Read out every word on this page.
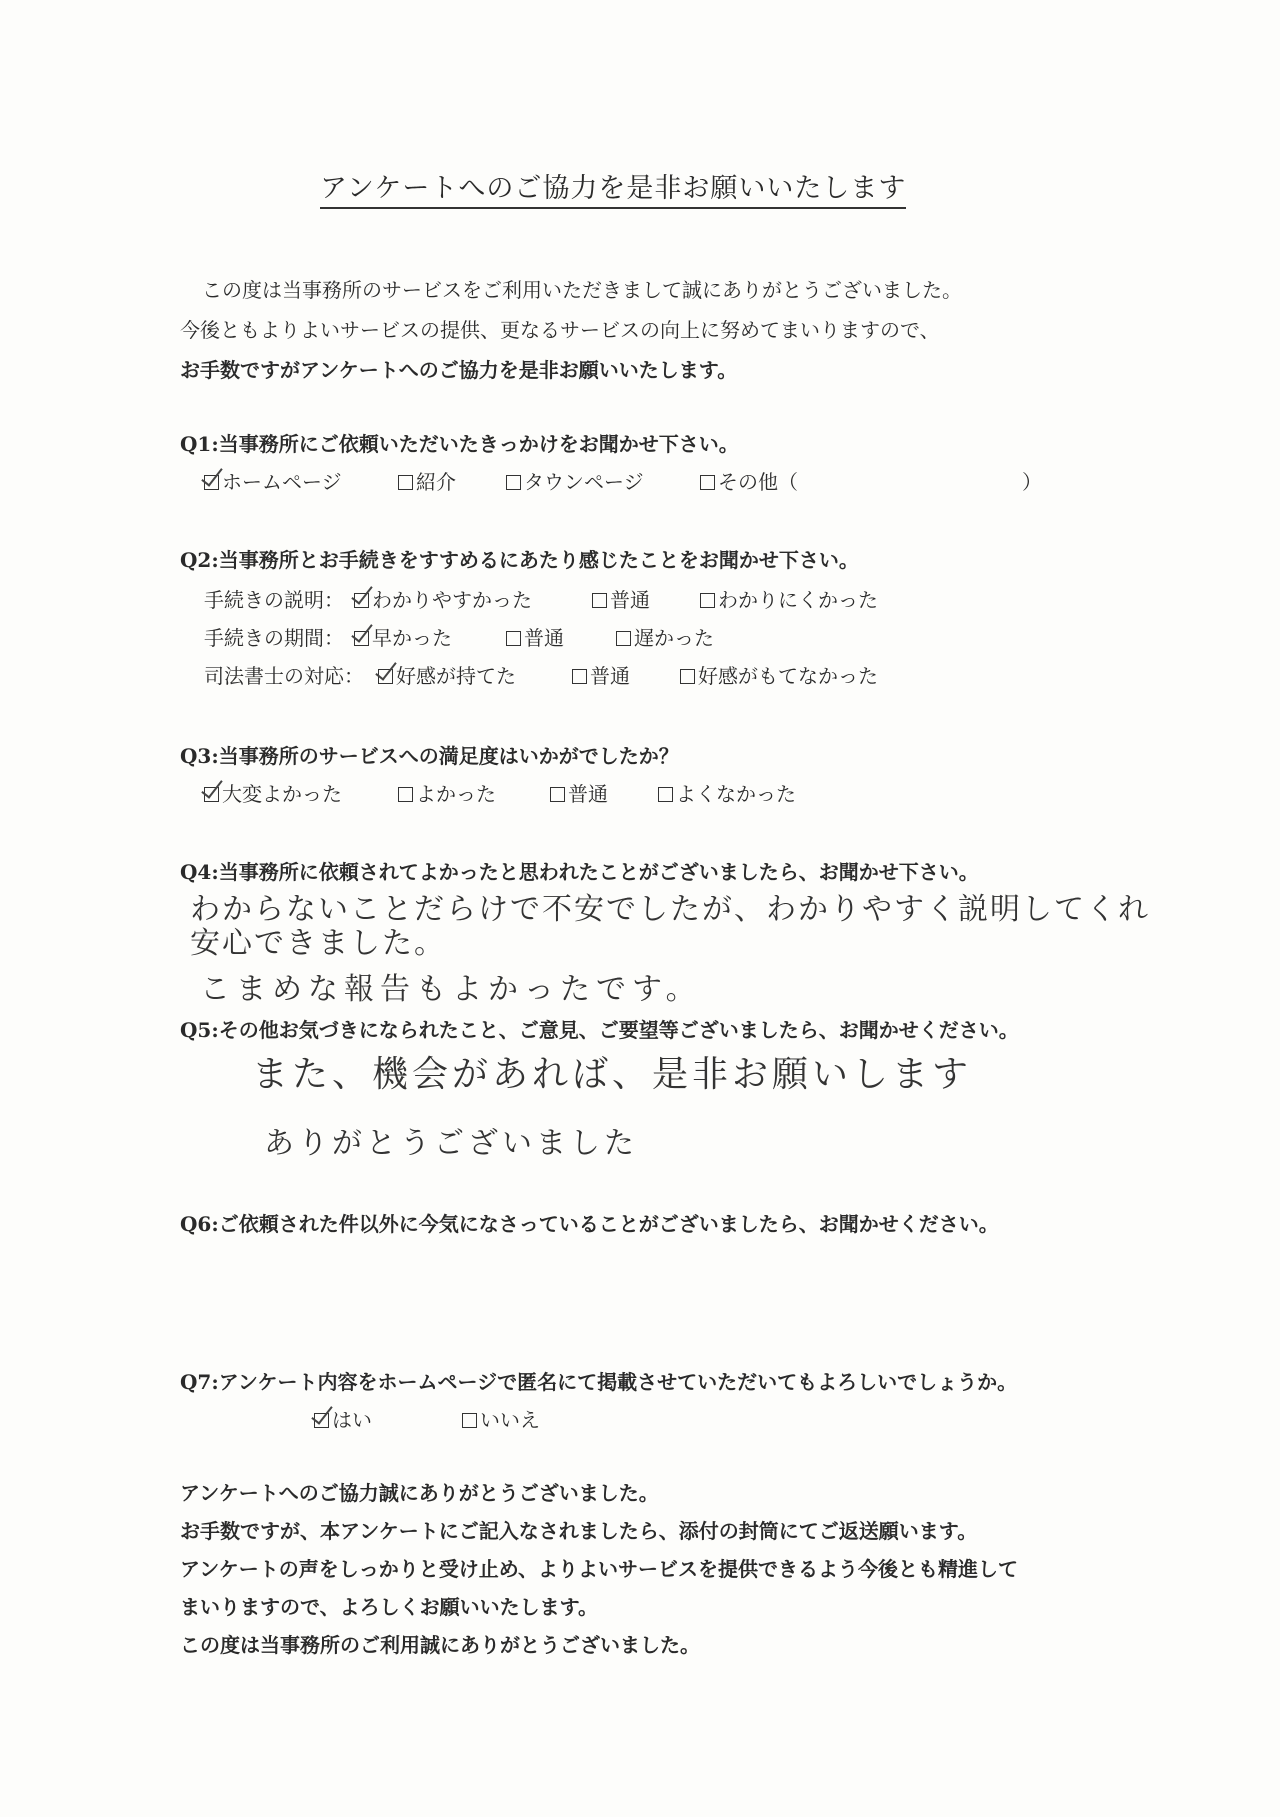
アンケートへのご協力を是非お願いいたします
この度は当事務所のサービスをご利用いただきまして誠にありがとうございました。
今後ともよりよいサービスの提供、更なるサービスの向上に努めてまいりますので、
お手数ですがアンケートへのご協力を是非お願いいたします。
Q1:当事務所にご依頼いただいたきっかけをお聞かせ下さい。
ホームページ	紹介	タウンページ	その他（	）
Q2:当事務所とお手続きをすすめるにあたり感じたことをお聞かせ下さい。
手続きの説明：	わかりやすかった	普通	わかりにくかった
手続きの期間：	早かった	普通	遅かった
司法書士の対応：	好感が持てた	普通	好感がもてなかった
Q3:当事務所のサービスへの満足度はいかがでしたか？
大変よかった	よかった	普通	よくなかった
Q4:当事務所に依頼されてよかったと思われたことがございましたら、お聞かせ下さい。
わからないことだらけで不安でしたが、わかりやすく説明してくれ
安心できました。
こまめな報告もよかったです。
Q5:その他お気づきになられたこと、ご意見、ご要望等ございましたら、お聞かせください。
また、機会があれば、是非お願いします
ありがとうございました
Q6:ご依頼された件以外に今気になさっていることがございましたら、お聞かせください。
Q7:アンケート内容をホームページで匿名にて掲載させていただいてもよろしいでしょうか。
はい	いいえ
アンケートへのご協力誠にありがとうございました。
お手数ですが、本アンケートにご記入なされましたら、添付の封筒にてご返送願います。
アンケートの声をしっかりと受け止め、よりよいサービスを提供できるよう今後とも精進して
まいりますので、よろしくお願いいたします。
この度は当事務所のご利用誠にありがとうございました。
